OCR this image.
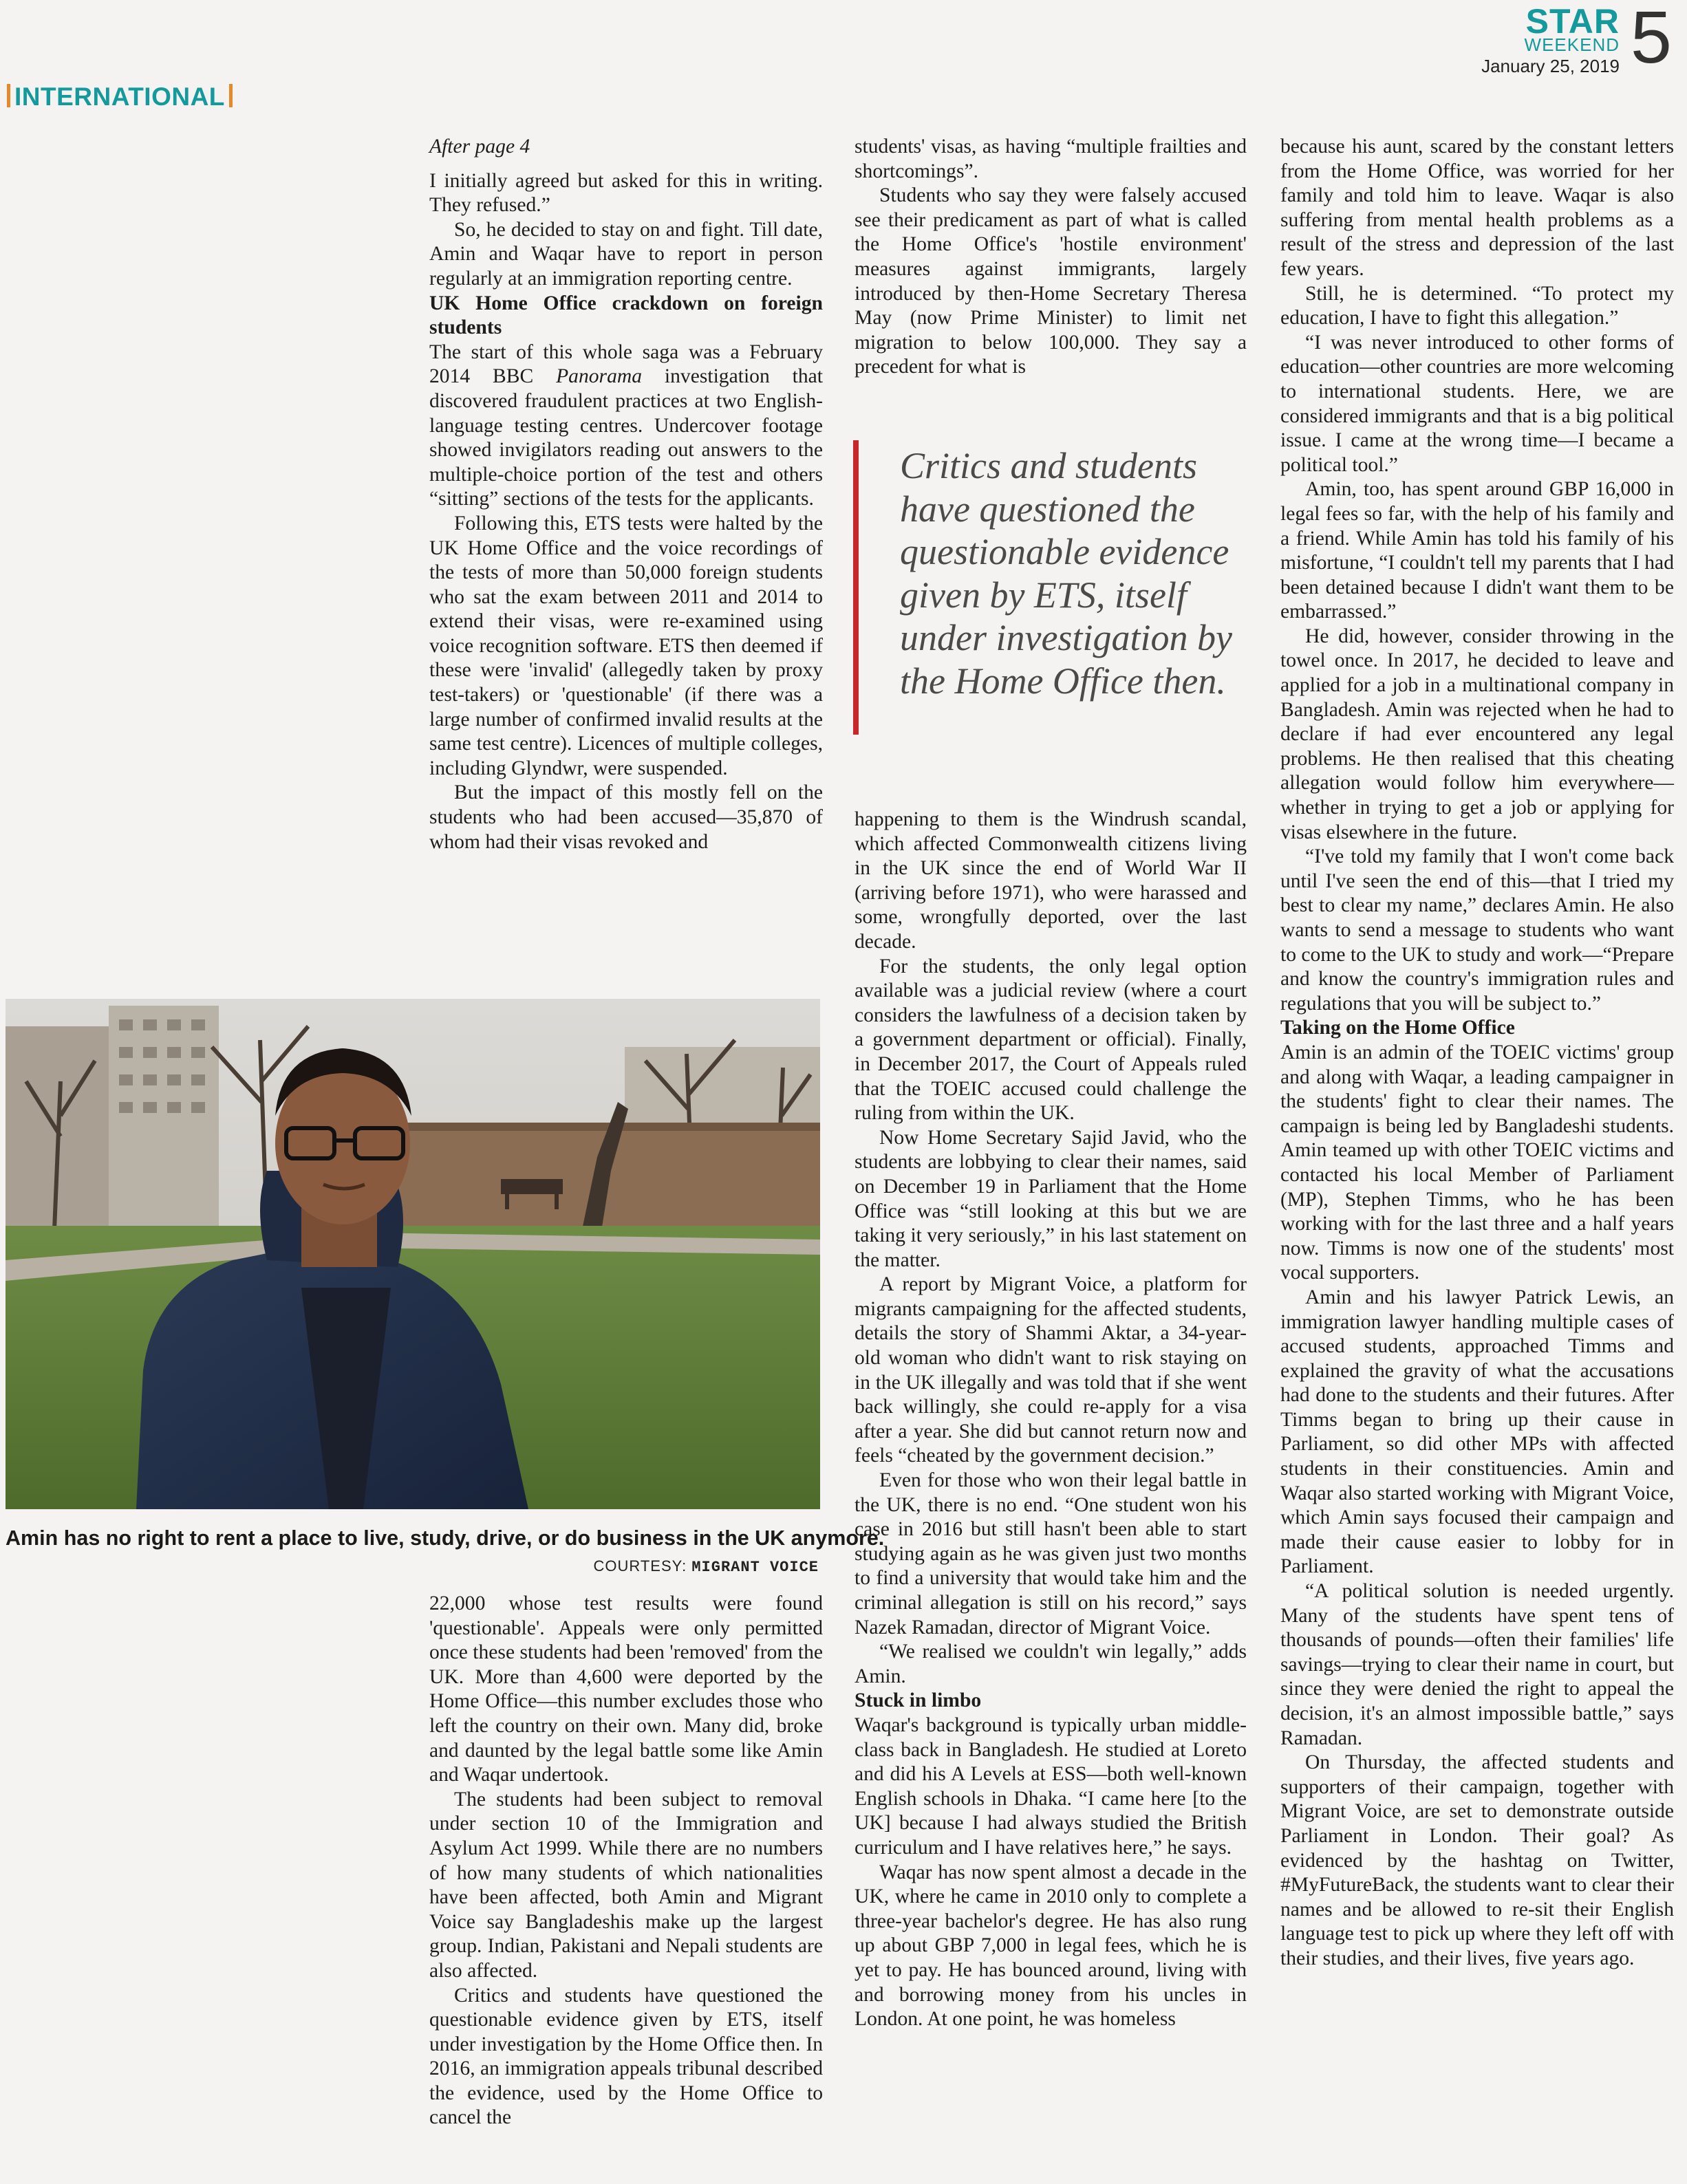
STAR
WEEKEND
January 25, 2019 5
INTERNATIONAL

After page 4

I initially agreed but asked for this in writing. They refused.”

So, he decided to stay on and fight. Till date, Amin and Waqar have to report in person regularly at an immigration reporting centre.

UK Home Office crackdown on foreign students

The start of this whole saga was a February 2014 BBC Panorama investigation that discovered fraudulent practices at two English-language testing centres. Undercover footage showed invigilators reading out answers to the multiple-choice portion of the test and others “sitting” sections of the tests for the applicants.

Following this, ETS tests were halted by the UK Home Office and the voice recordings of the tests of more than 50,000 foreign students who sat the exam between 2011 and 2014 to extend their visas, were re-examined using voice recognition software. ETS then deemed if these were 'invalid' (allegedly taken by proxy test-takers) or 'questionable' (if there was a large number of confirmed invalid results at the same test centre). Licences of multiple colleges, including Glyndwr, were suspended.

But the impact of this mostly fell on the students who had been accused—35,870 of whom had their visas revoked and

22,000 whose test results were found 'questionable'. Appeals were only permitted once these students had been 'removed' from the UK. More than 4,600 were deported by the Home Office—this number excludes those who left the country on their own. Many did, broke and daunted by the legal battle some like Amin and Waqar undertook.

The students had been subject to removal under section 10 of the Immigration and Asylum Act 1999. While there are no numbers of how many students of which nationalities have been affected, both Amin and Migrant Voice say Bangladeshis make up the largest group. Indian, Pakistani and Nepali students are also affected.

Critics and students have questioned the questionable evidence given by ETS, itself under investigation by the Home Office then. In 2016, an immigration appeals tribunal described the evidence, used by the Home Office to cancel the

students' visas, as having “multiple frailties and shortcomings”.

Students who say they were falsely accused see their predicament as part of what is called the Home Office's 'hostile environment' measures against immigrants, largely introduced by then-Home Secretary Theresa May (now Prime Minister) to limit net migration to below 100,000. They say a precedent for what is

Critics and students have questioned the questionable evidence given by ETS, itself under investigation by the Home Office then.

happening to them is the Windrush scandal, which affected Commonwealth citizens living in the UK since the end of World War II (arriving before 1971), who were harassed and some, wrongfully deported, over the last decade.

For the students, the only legal option available was a judicial review (where a court considers the lawfulness of a decision taken by a government department or official). Finally, in December 2017, the Court of Appeals ruled that the TOEIC accused could challenge the ruling from within the UK.

Now Home Secretary Sajid Javid, who the students are lobbying to clear their names, said on December 19 in Parliament that the Home Office was “still looking at this but we are taking it very seriously,” in his last statement on the matter.

A report by Migrant Voice, a platform for migrants campaigning for the affected students, details the story of Shammi Aktar, a 34-year-old woman who didn't want to risk staying on in the UK illegally and was told that if she went back willingly, she could re-apply for a visa after a year. She did but cannot return now and feels “cheated by the government decision.”

Even for those who won their legal battle in the UK, there is no end. “One student won his case in 2016 but still hasn't been able to start studying again as he was given just two months to find a university that would take him and the criminal allegation is still on his record,” says Nazek Ramadan, director of Migrant Voice.

“We realised we couldn't win legally,” adds Amin.

Stuck in limbo

Waqar's background is typically urban middle-class back in Bangladesh. He studied at Loreto and did his A Levels at ESS—both well-known English schools in Dhaka. “I came here [to the UK] because I had always studied the British curriculum and I have relatives here,” he says.

Waqar has now spent almost a decade in the UK, where he came in 2010 only to complete a three-year bachelor's degree. He has also rung up about GBP 7,000 in legal fees, which he is yet to pay. He has bounced around, living with and borrowing money from his uncles in London. At one point, he was homeless

because his aunt, scared by the constant letters from the Home Office, was worried for her family and told him to leave. Waqar is also suffering from mental health problems as a result of the stress and depression of the last few years.

Still, he is determined. “To protect my education, I have to fight this allegation.”

“I was never introduced to other forms of education—other countries are more welcoming to international students. Here, we are considered immigrants and that is a big political issue. I came at the wrong time—I became a political tool.”

Amin, too, has spent around GBP 16,000 in legal fees so far, with the help of his family and a friend. While Amin has told his family of his misfortune, “I couldn't tell my parents that I had been detained because I didn't want them to be embarrassed.”

He did, however, consider throwing in the towel once. In 2017, he decided to leave and applied for a job in a multinational company in Bangladesh. Amin was rejected when he had to declare if had ever encountered any legal problems. He then realised that this cheating allegation would follow him everywhere—whether in trying to get a job or applying for visas elsewhere in the future.

“I've told my family that I won't come back until I've seen the end of this—that I tried my best to clear my name,” declares Amin. He also wants to send a message to students who want to come to the UK to study and work—“Prepare and know the country's immigration rules and regulations that you will be subject to.”

Taking on the Home Office

Amin is an admin of the TOEIC victims' group and along with Waqar, a leading campaigner in the students' fight to clear their names. The campaign is being led by Bangladeshi students. Amin teamed up with other TOEIC victims and contacted his local Member of Parliament (MP), Stephen Timms, who he has been working with for the last three and a half years now. Timms is now one of the students' most vocal supporters.

Amin and his lawyer Patrick Lewis, an immigration lawyer handling multiple cases of accused students, approached Timms and explained the gravity of what the accusations had done to the students and their futures. After Timms began to bring up their cause in Parliament, so did other MPs with affected students in their constituencies. Amin and Waqar also started working with Migrant Voice, which Amin says focused their campaign and made their cause easier to lobby for in Parliament.

“A political solution is needed urgently. Many of the students have spent tens of thousands of pounds—often their families' life savings—trying to clear their name in court, but since they were denied the right to appeal the decision, it's an almost impossible battle,” says Ramadan.

On Thursday, the affected students and supporters of their campaign, together with Migrant Voice, are set to demonstrate outside Parliament in London. Their goal? As evidenced by the hashtag on Twitter, #MyFutureBack, the students want to clear their names and be allowed to re-sit their English language test to pick up where they left off with their studies, and their lives, five years ago.

Amin has no right to rent a place to live, study, drive, or do business in the UK anymore.
COURTESY: MIGRANT VOICE
